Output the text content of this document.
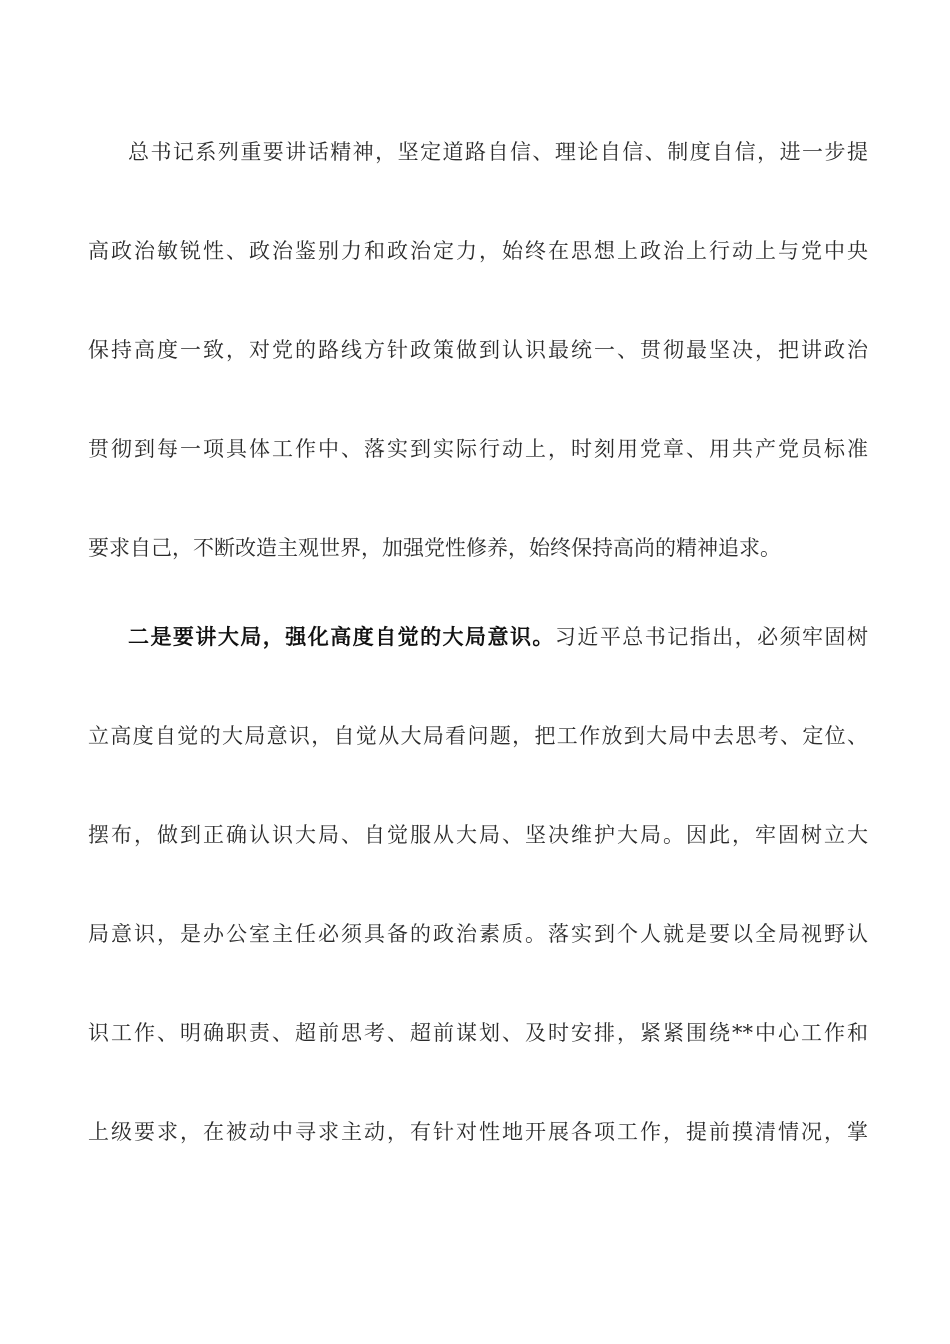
总书记系列重要讲话精神，坚定道路自信、理论自信、制度自信，进一步提
高政治敏锐性、政治鉴别力和政治定力，始终在思想上政治上行动上与党中央
保持高度一致，对党的路线方针政策做到认识最统一、贯彻最坚决，把讲政治
贯彻到每一项具体工作中、落实到实际行动上，时刻用党章、用共产党员标准
要求自己，不断改造主观世界，加强党性修养，始终保持高尚的精神追求。
二是要讲大局，强化高度自觉的大局意识。习近平总书记指出，必须牢固树
立高度自觉的大局意识，自觉从大局看问题，把工作放到大局中去思考、定位、
摆布，做到正确认识大局、自觉服从大局、坚决维护大局。因此，牢固树立大
局意识，是办公室主任必须具备的政治素质。落实到个人就是要以全局视野认
识工作、明确职责、超前思考、超前谋划、及时安排，紧紧围绕**中心工作和
上级要求，在被动中寻求主动，有针对性地开展各项工作，提前摸清情况，掌
